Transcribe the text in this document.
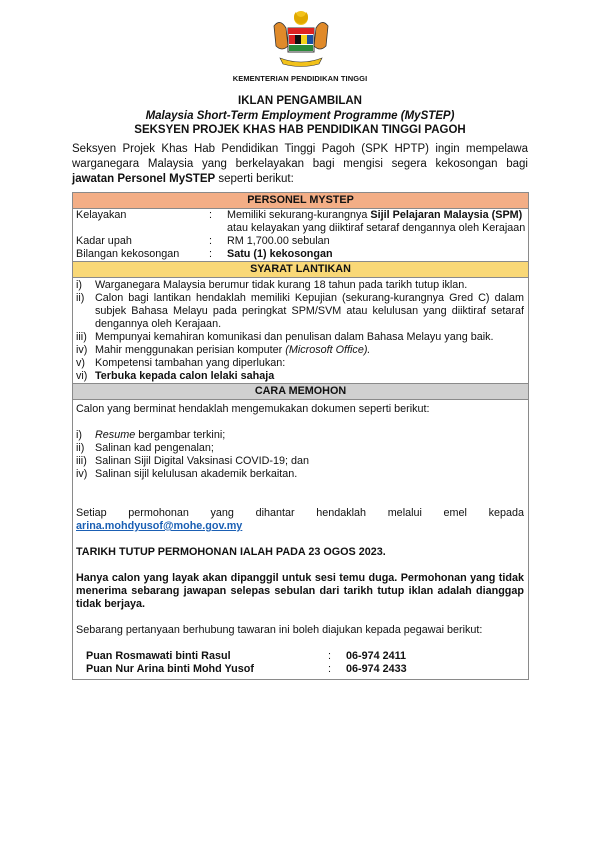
KEMENTERIAN PENDIDIKAN TINGGI
IKLAN PENGAMBILAN
Malaysia Short-Term Employment Programme (MySTEP)
SEKSYEN PROJEK KHAS HAB PENDIDIKAN TINGGI PAGOH
Seksyen Projek Khas Hab Pendidikan Tinggi Pagoh (SPK HPTP) ingin mempelawa warganegara Malaysia yang berkelayakan bagi mengisi segera kekosongan bagi jawatan Personel MySTEP seperti berikut:
PERSONEL MYSTEP
Kelayakan	:	Memiliki sekurang-kurangnya Sijil Pelajaran Malaysia (SPM) atau kelayakan yang diiktiraf setaraf dengannya oleh Kerajaan
Kadar upah	:	RM 1,700.00 sebulan
Bilangan kekosongan	:	Satu (1) kekosongan
SYARAT LANTIKAN
i)	Warganegara Malaysia berumur tidak kurang 18 tahun pada tarikh tutup iklan.
ii) Calon bagi lantikan hendaklah memiliki Kepujian (sekurang-kurangnya Gred C) dalam subjek Bahasa Melayu pada peringkat SPM/SVM atau kelulusan yang diiktiraf setaraf dengannya oleh Kerajaan.
iii) Mempunyai kemahiran komunikasi dan penulisan dalam Bahasa Melayu yang baik.
iv) Mahir menggunakan perisian komputer (Microsoft Office).
v) Kompetensi tambahan yang diperlukan:
vi) Terbuka kepada calon lelaki sahaja
CARA MEMOHON
Calon yang berminat hendaklah mengemukakan dokumen seperti berikut:
i)	Resume bergambar terkini;
ii) Salinan kad pengenalan;
iii) Salinan Sijil Digital Vaksinasi COVID-19; dan
iv) Salinan sijil kelulusan akademik berkaitan.
Setiap permohonan yang dihantar hendaklah melalui emel kepada
arina.mohdyusof@mohe.gov.my
TARIKH TUTUP PERMOHONAN IALAH PADA 23 OGOS 2023.
Hanya calon yang layak akan dipanggil untuk sesi temu duga. Permohonan yang tidak menerima sebarang jawapan selepas sebulan dari tarikh tutup iklan adalah dianggap tidak berjaya.
Sebarang pertanyaan berhubung tawaran ini boleh diajukan kepada pegawai berikut:
Puan Rosmawati binti Rasul	:	06-974 2411
Puan Nur Arina binti Mohd Yusof	:	06-974 2433
